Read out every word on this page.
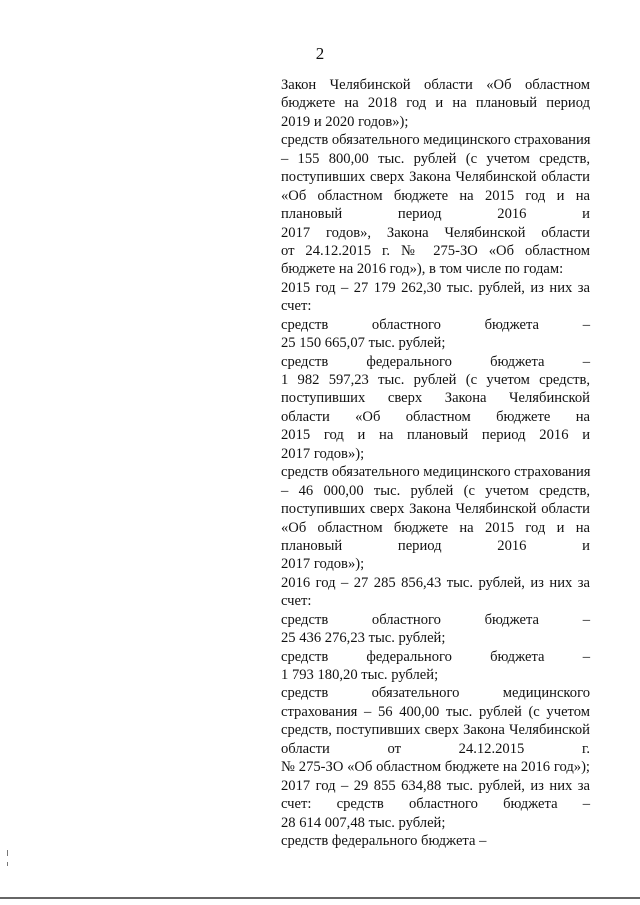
2
Закон Челябинской области «Об областном
бюджете на 2018 год и на плановый период
2019 и 2020 годов»);
средств обязательного медицинского страхования
– 155 800,00 тыс. рублей (с учетом средств,
поступивших сверх Закона Челябинской области
«Об областном бюджете на 2015 год и на
плановый период 2016 и
2017 годов», Закона Челябинской области
от 24.12.2015 г. № 275-ЗО «Об областном
бюджете на 2016 год»), в том числе по годам:
2015 год – 27 179 262,30 тыс. рублей, из них за
счет:
средств областного бюджета –
25 150 665,07 тыс. рублей;
средств федерального бюджета –
1 982 597,23 тыс. рублей (с учетом средств,
поступивших сверх Закона Челябинской
области «Об областном бюджете на
2015 год и на плановый период 2016 и
2017 годов»);
средств обязательного медицинского страхования
– 46 000,00 тыс. рублей (с учетом средств,
поступивших сверх Закона Челябинской области
«Об областном бюджете на 2015 год и на
плановый период 2016 и
2017 годов»);
2016 год – 27 285 856,43 тыс. рублей, из них за
счет:
средств областного бюджета –
25 436 276,23 тыс. рублей;
средств федерального бюджета –
1 793 180,20 тыс. рублей;
средств обязательного медицинского
страхования – 56 400,00 тыс. рублей (с учетом
средств, поступивших сверх Закона Челябинской
области от 24.12.2015 г.
№ 275-ЗО «Об областном бюджете на 2016 год»);
2017 год – 29 855 634,88 тыс. рублей, из них за
счет: средств областного бюджета –
28 614 007,48 тыс. рублей;
средств федерального бюджета –
